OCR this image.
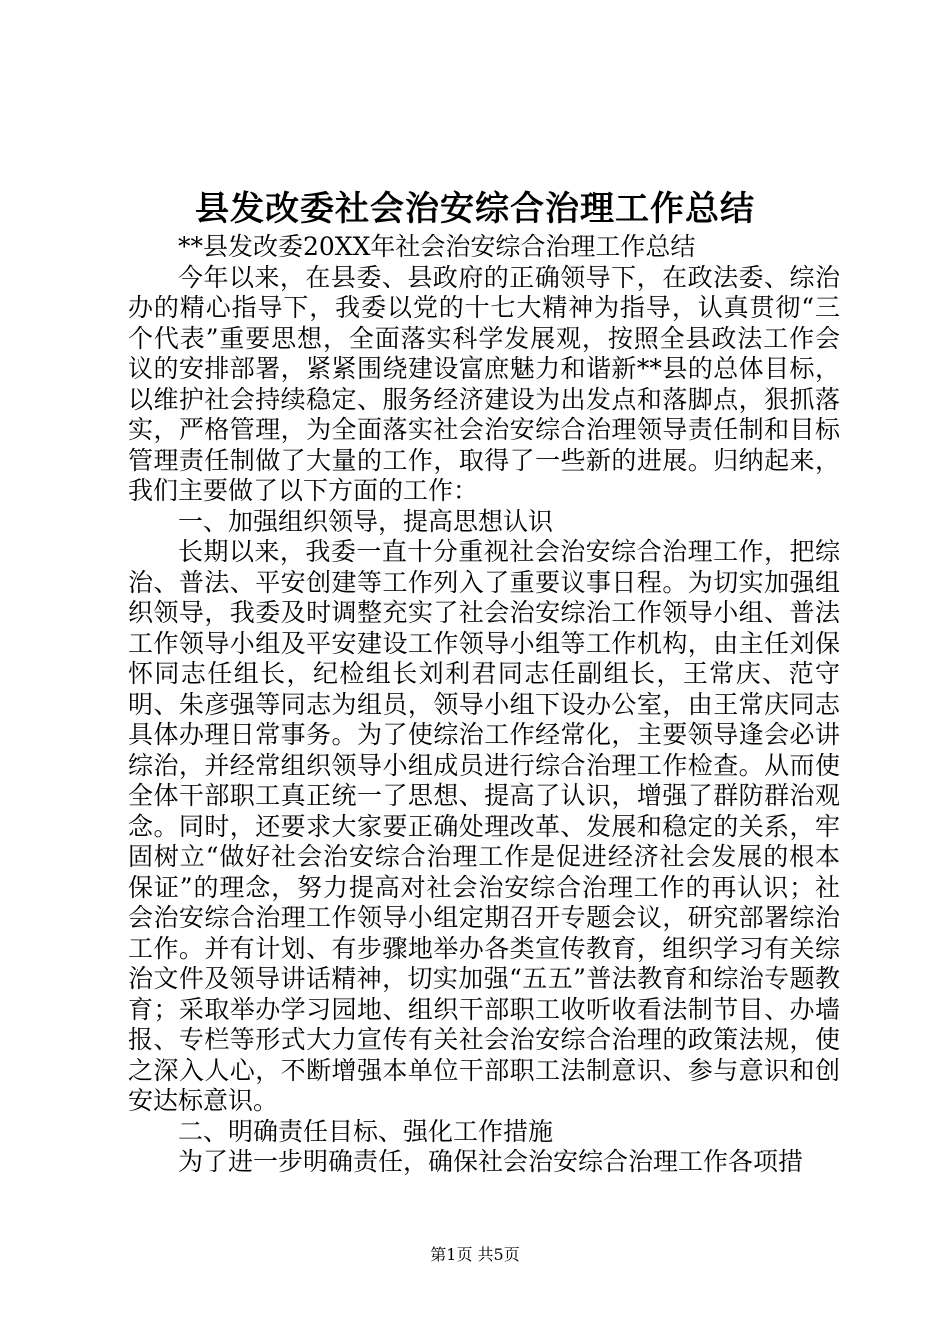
县发改委社会治安综合治理工作总结

**县发改委20XX年社会治安综合治理工作总结

今年以来，在县委、县政府的正确领导下，在政法委、综治办的精心指导下，我委以党的十七大精神为指导，认真贯彻“三个代表”重要思想，全面落实科学发展观，按照全县政法工作会议的安排部署，紧紧围绕建设富庶魅力和谐新**县的总体目标，以维护社会持续稳定、服务经济建设为出发点和落脚点，狠抓落实，严格管理，为全面落实社会治安综合治理领导责任制和目标管理责任制做了大量的工作，取得了一些新的进展。归纳起来，我们主要做了以下方面的工作：

一、加强组织领导，提高思想认识

长期以来，我委一直十分重视社会治安综合治理工作，把综治、普法、平安创建等工作列入了重要议事日程。为切实加强组织领导，我委及时调整充实了社会治安综治工作领导小组、普法工作领导小组及平安建设工作领导小组等工作机构，由主任刘保怀同志任组长，纪检组长刘利君同志任副组长，王常庆、范守明、朱彦强等同志为组员，领导小组下设办公室，由王常庆同志具体办理日常事务。为了使综治工作经常化，主要领导逢会必讲综治，并经常组织领导小组成员进行综合治理工作检查。从而使全体干部职工真正统一了思想、提高了认识，增强了群防群治观念。同时，还要求大家要正确处理改革、发展和稳定的关系，牢固树立“做好社会治安综合治理工作是促进经济社会发展的根本保证”的理念，努力提高对社会治安综合治理工作的再认识；社会治安综合治理工作领导小组定期召开专题会议，研究部署综治工作。并有计划、有步骤地举办各类宣传教育，组织学习有关综治文件及领导讲话精神，切实加强“五五”普法教育和综治专题教育；采取举办学习园地、组织干部职工收听收看法制节目、办墙报、专栏等形式大力宣传有关社会治安综合治理的政策法规，使之深入人心，不断增强本单位干部职工法制意识、参与意识和创安达标意识。

二、明确责任目标、强化工作措施

为了进一步明确责任，确保社会治安综合治理工作各项措

第1页 共5页
